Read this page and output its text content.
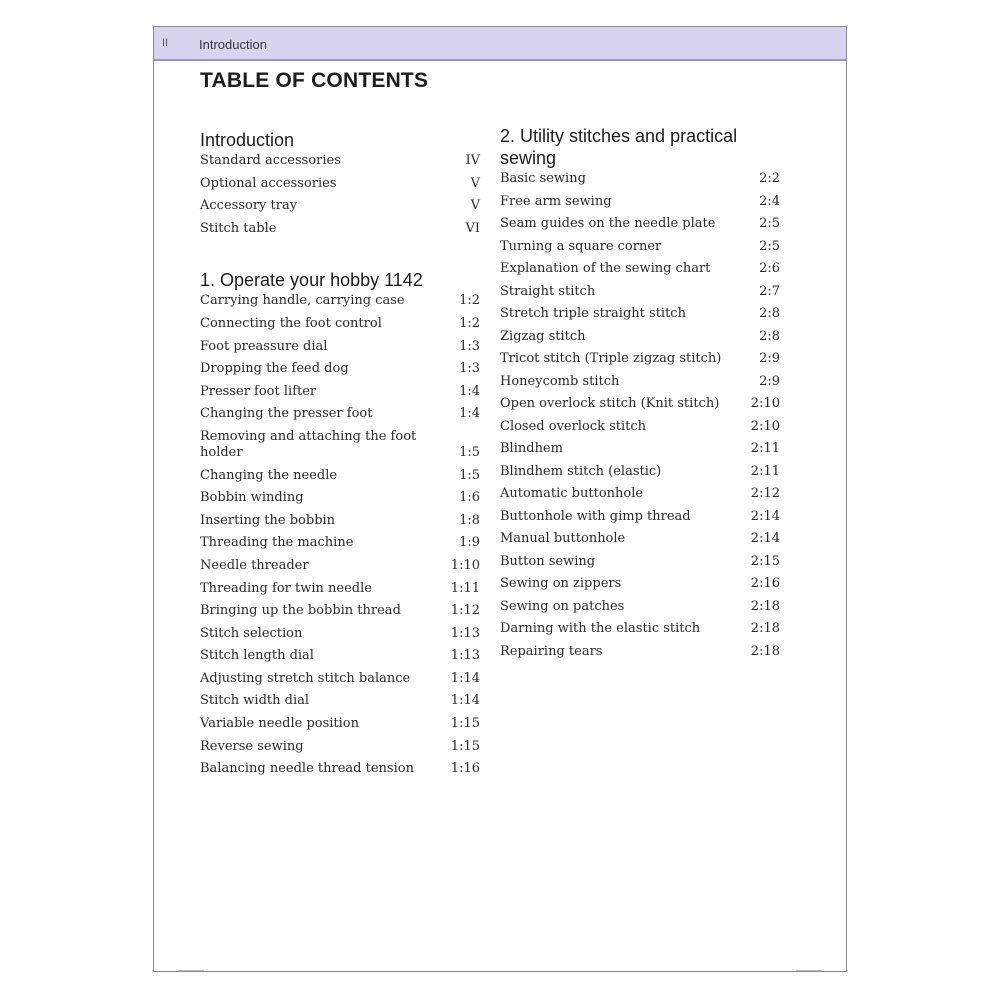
II Introduction
TABLE OF CONTENTS
Introduction
Standard accessories	IV
Optional accessories	V
Accessory tray	V
Stitch table	VI
1. Operate your hobby 1142
Carrying handle, carrying case	1:2
Connecting the foot control	1:2
Foot preassure dial	1:3
Dropping the feed dog	1:3
Presser foot lifter	1:4
Changing the presser foot	1:4
Removing and attaching the foot holder	1:5
Changing the needle	1:5
Bobbin winding	1:6
Inserting the bobbin	1:8
Threading the machine	1:9
Needle threader	1:10
Threading for twin needle	1:11
Bringing up the bobbin thread	1:12
Stitch selection	1:13
Stitch length dial	1:13
Adjusting stretch stitch balance	1:14
Stitch width dial	1:14
Variable needle position	1:15
Reverse sewing	1:15
Balancing needle thread tension	1:16
2. Utility stitches and practical sewing
Basic sewing	2:2
Free arm sewing	2:4
Seam guides on the needle plate	2:5
Turning a square corner	2:5
Explanation of the sewing chart	2:6
Straight stitch	2:7
Stretch triple straight stitch	2:8
Zigzag stitch	2:8
Tricot stitch (Triple zigzag stitch)	2:9
Honeycomb stitch	2:9
Open overlock stitch (Knit stitch)	2:10
Closed overlock stitch	2:10
Blindhem	2:11
Blindhem stitch (elastic)	2:11
Automatic buttonhole	2:12
Buttonhole with gimp thread	2:14
Manual buttonhole	2:14
Button sewing	2:15
Sewing on zippers	2:16
Sewing on patches	2:18
Darning with the elastic stitch	2:18
Repairing tears	2:18
